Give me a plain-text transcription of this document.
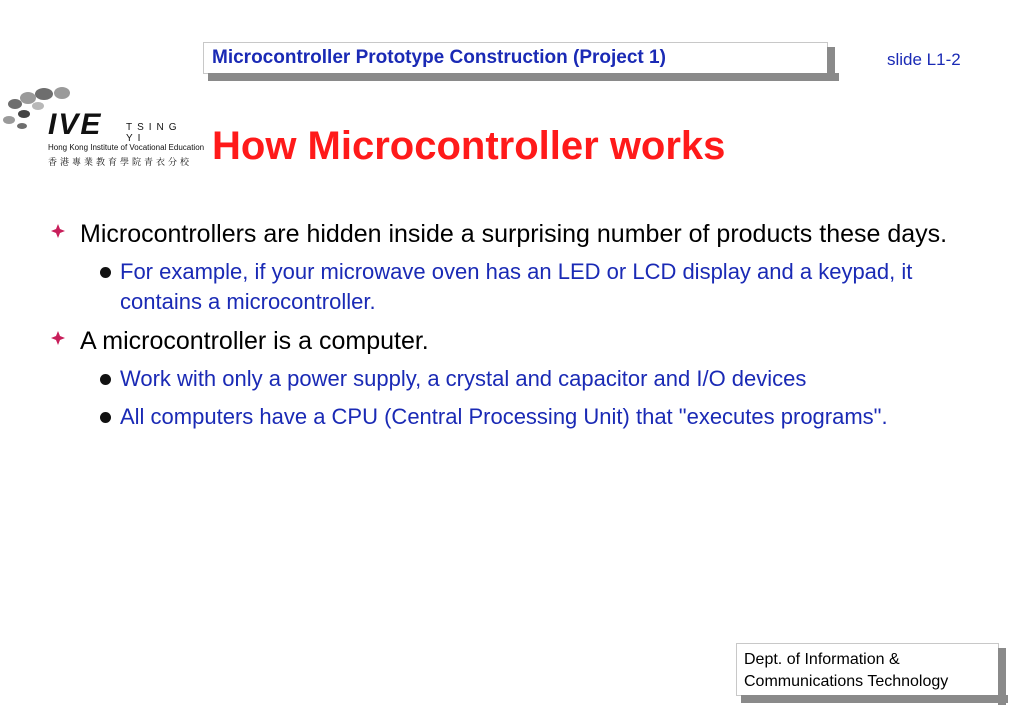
Microcontroller Prototype Construction (Project 1)	slide L1-2
IVE TSING YI
Hong Kong Institute of Vocational Education
香港專業教育學院青衣分校 How Microcontroller works
Microcontrollers are hidden inside a surprising number of products these days.
For example, if your microwave oven has an LED or LCD display and a keypad, it contains a microcontroller.
A microcontroller is a computer.
Work with only a power supply, a crystal and capacitor and I/O devices
All computers have a CPU (Central Processing Unit) that "executes programs".
Dept. of Information &
Communications Technology
